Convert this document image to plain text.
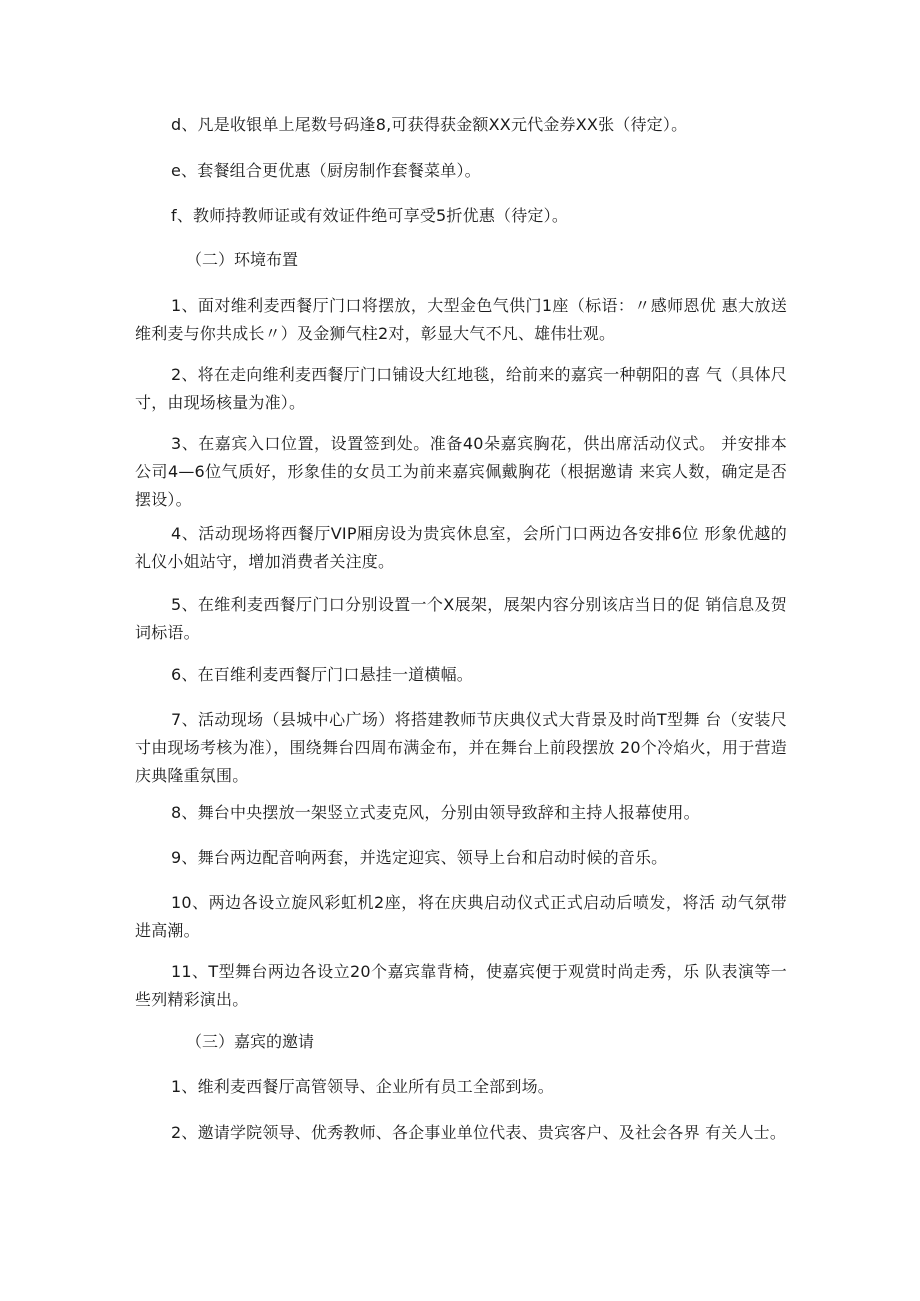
d、凡是收银单上尾数号码逢8,可获得获金额XX元代金券XX张（待定）。

e、套餐组合更优惠（厨房制作套餐菜单）。

f、教师持教师证或有效证件绝可享受5折优惠（待定）。

（二）环境布置

1、面对维利麦西餐厅门口将摆放，大型金色气供门1座（标语：〃感师恩优 惠大放送维利麦与你共成长〃）及金狮气柱2对，彰显大气不凡、雄伟壮观。

2、将在走向维利麦西餐厅门口铺设大红地毯，给前来的嘉宾一种朝阳的喜 气（具体尺寸，由现场核量为准）。

3、在嘉宾入口位置，设置签到处。准备40朵嘉宾胸花，供出席活动仪式。 并安排本公司4—6位气质好，形象佳的女员工为前来嘉宾佩戴胸花（根据邀请 来宾人数，确定是否摆设）。

4、活动现场将西餐厅VIP厢房设为贵宾休息室，会所门口两边各安排6位 形象优越的礼仪小姐站守，增加消费者关注度。

5、在维利麦西餐厅门口分别设置一个X展架，展架内容分别该店当日的促 销信息及贺词标语。

6、在百维利麦西餐厅门口悬挂一道横幅。

7、活动现场（县城中心广场）将搭建教师节庆典仪式大背景及时尚T型舞 台（安装尺寸由现场考核为准），围绕舞台四周布满金布，并在舞台上前段摆放 20个冷焰火，用于营造庆典隆重氛围。

8、舞台中央摆放一架竖立式麦克风，分别由领导致辞和主持人报幕使用。

9、舞台两边配音响两套，并选定迎宾、领导上台和启动时候的音乐。

10、两边各设立旋风彩虹机2座，将在庆典启动仪式正式启动后喷发，将活 动气氛带进高潮。

11、T型舞台两边各设立20个嘉宾靠背椅，使嘉宾便于观赏时尚走秀，乐 队表演等一些列精彩演出。

（三）嘉宾的邀请

1、维利麦西餐厅高管领导、企业所有员工全部到场。

2、邀请学院领导、优秀教师、各企事业单位代表、贵宾客户、及社会各界 有关人士。
